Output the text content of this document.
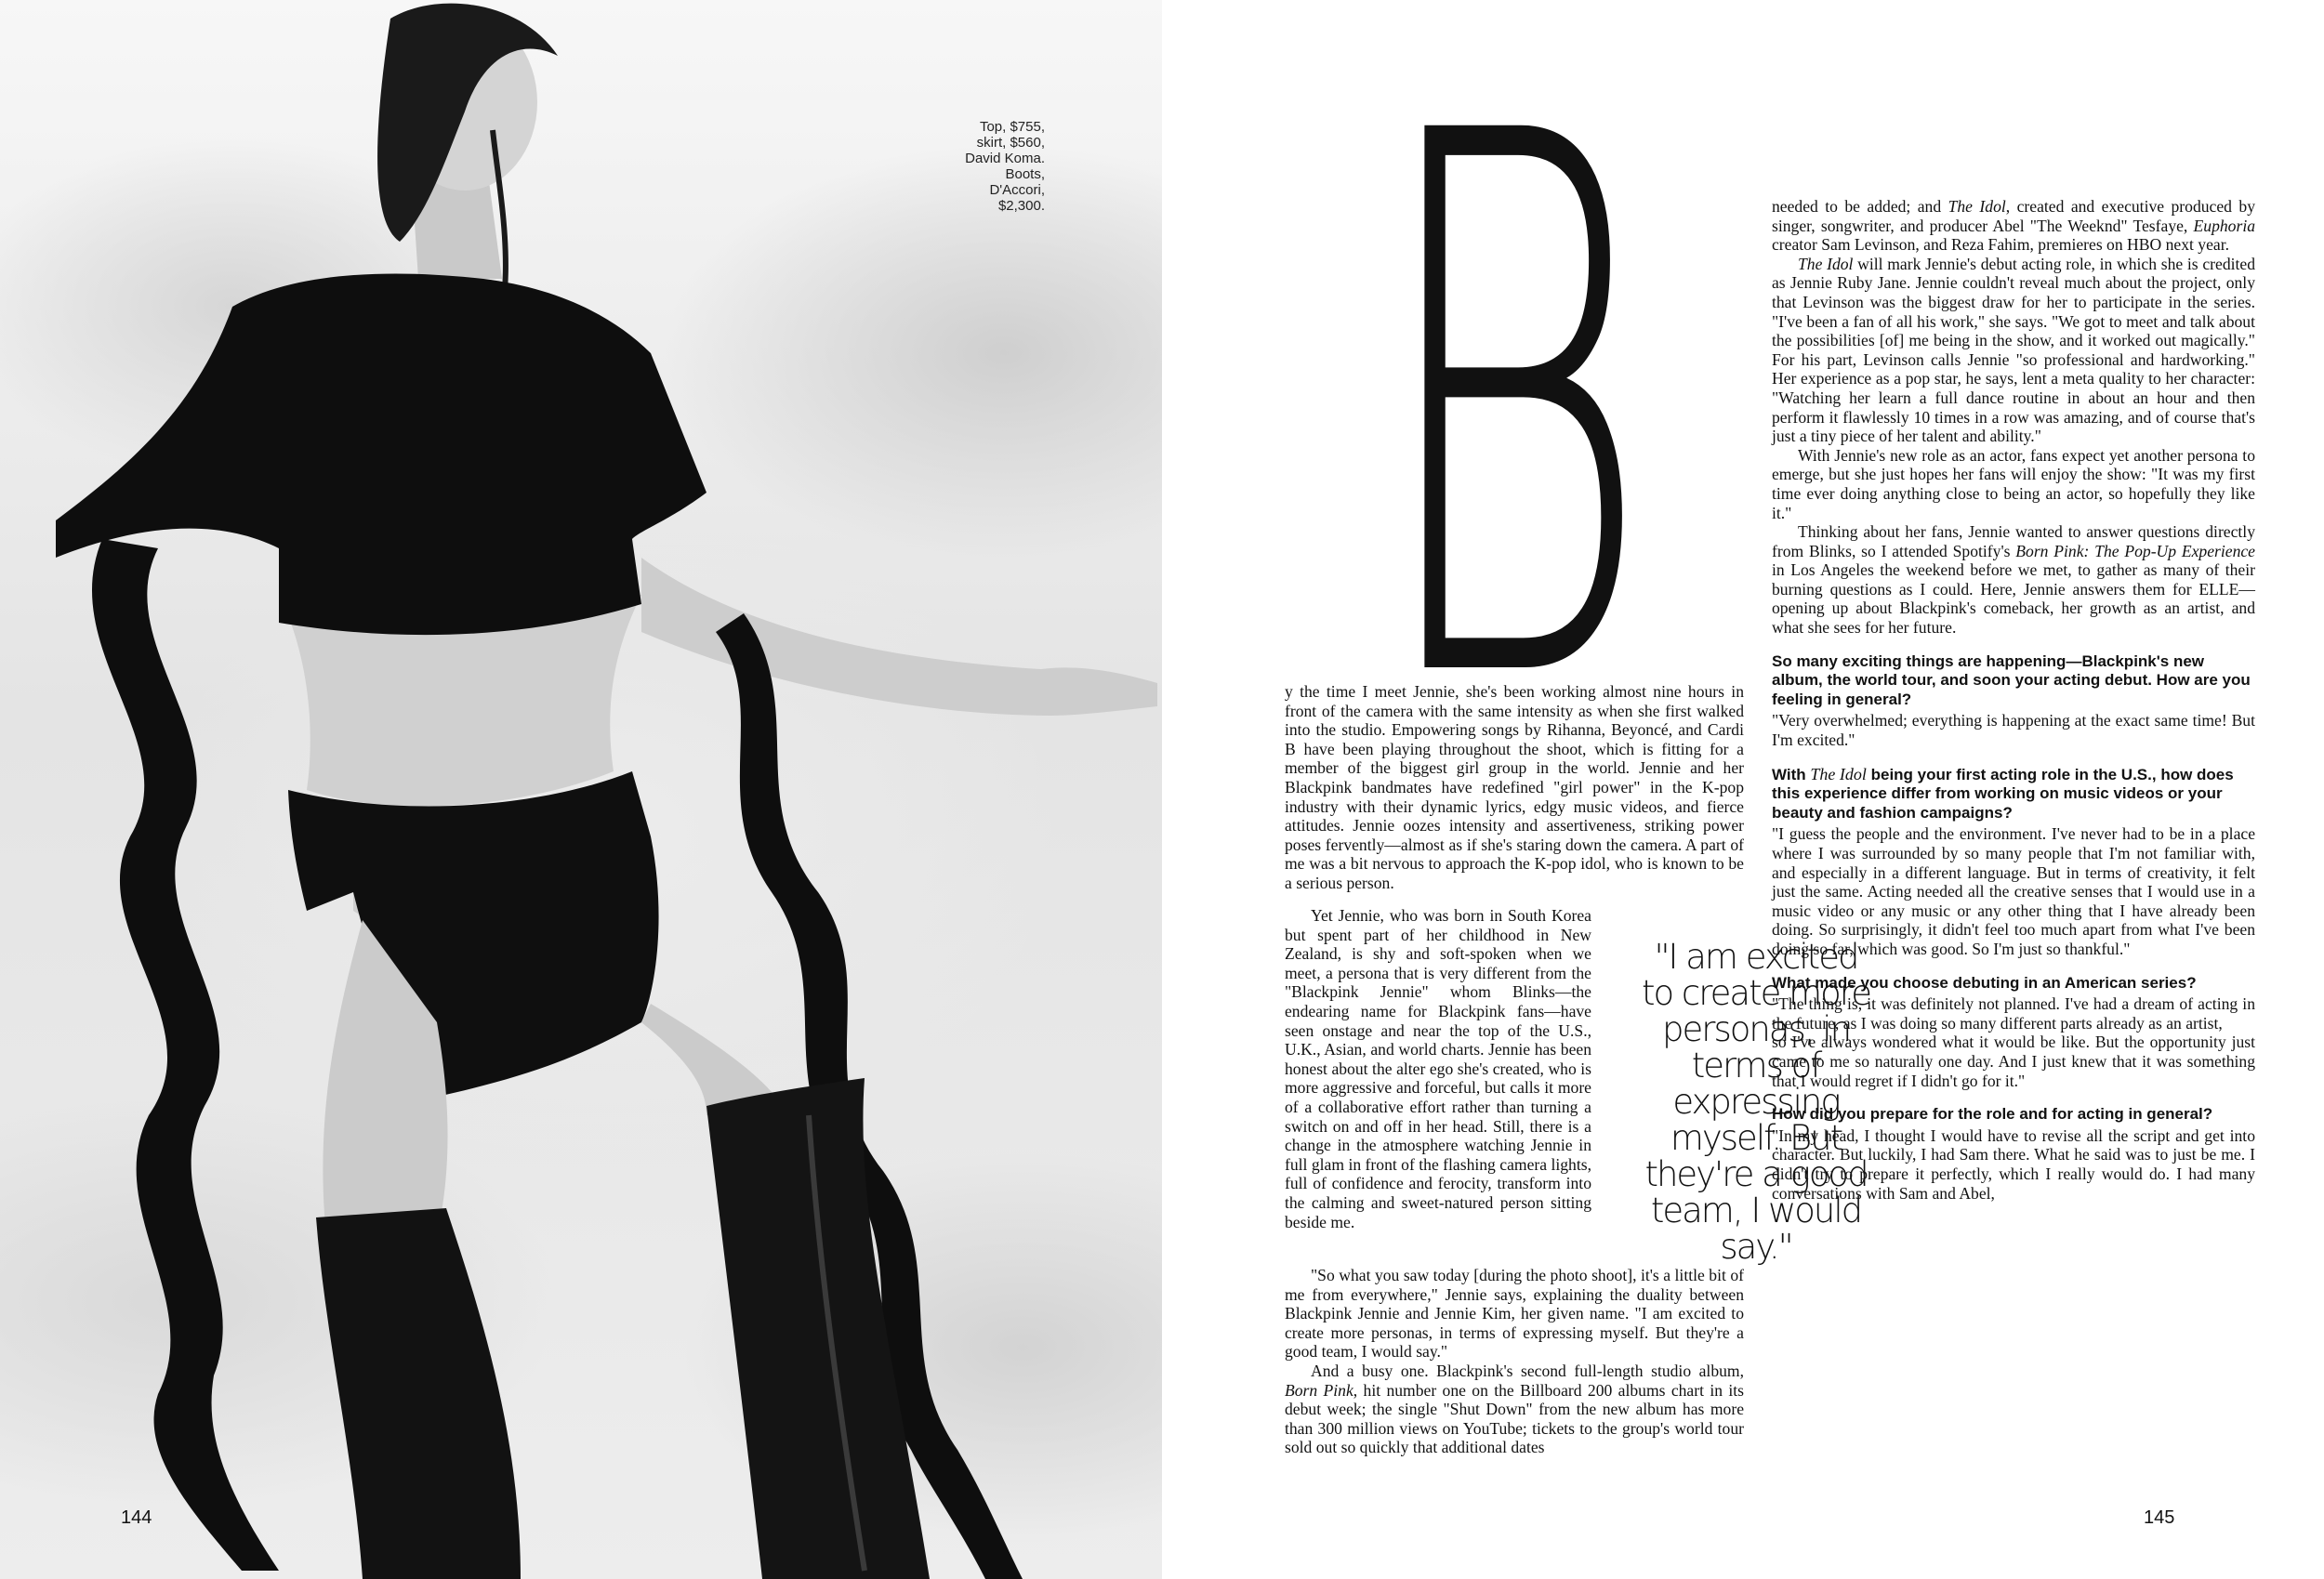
Top, $755,
skirt, $560,
David Koma.
Boots,
D'Accori,
$2,300.
144
B

y the time I meet Jennie, she's been working almost nine hours in front of the camera with the same intensity as when she first walked into the studio. Empowering songs by Rihanna, Beyoncé, and Cardi B have been playing throughout the shoot, which is fitting for a member of the biggest girl group in the world. Jennie and her Blackpink bandmates have redefined "girl power" in the K-pop industry with their dynamic lyrics, edgy music videos, and fierce attitudes. Jennie oozes intensity and assertiveness, striking power poses fervently—almost as if she's staring down the camera. A part of me was a bit nervous to approach the K-pop idol, who is known to be a serious person.

Yet Jennie, who was born in South Korea but spent part of her childhood in New Zealand, is shy and soft-spoken when we meet, a persona that is very different from the "Blackpink Jennie" whom Blinks—the endearing name for Blackpink fans—have seen onstage and near the top of the U.S., U.K., Asian, and world charts. Jennie has been honest about the alter ego she's created, who is more aggressive and forceful, but calls it more of a collaborative effort rather than turning a switch on and off in her head. Still, there is a change in the atmosphere watching Jennie in full glam in front of the flashing camera lights, full of confidence and ferocity, transform into the calming and sweet-natured person sitting beside me.

"I am excited to create more personas, in terms of expressing myself. But they're a good team, I would say."

"So what you saw today [during the photo shoot], it's a little bit of me from everywhere," Jennie says, explaining the duality between Blackpink Jennie and Jennie Kim, her given name. "I am excited to create more personas, in terms of expressing myself. But they're a good team, I would say."

And a busy one. Blackpink's second full-length studio album, Born Pink, hit number one on the Billboard 200 albums chart in its debut week; the single "Shut Down" from the new album has more than 300 million views on YouTube; tickets to the group's world tour sold out so quickly that additional dates

needed to be added; and The Idol, created and executive produced by singer, songwriter, and producer Abel "The Weeknd" Tesfaye, Euphoria creator Sam Levinson, and Reza Fahim, premieres on HBO next year.

The Idol will mark Jennie's debut acting role, in which she is credited as Jennie Ruby Jane. Jennie couldn't reveal much about the project, only that Levinson was the biggest draw for her to participate in the series. "I've been a fan of all his work," she says. "We got to meet and talk about the possibilities [of] me being in the show, and it worked out magically." For his part, Levinson calls Jennie "so professional and hardworking." Her experience as a pop star, he says, lent a meta quality to her character: "Watching her learn a full dance routine in about an hour and then perform it flawlessly 10 times in a row was amazing, and of course that's just a tiny piece of her talent and ability."

With Jennie's new role as an actor, fans expect yet another persona to emerge, but she just hopes her fans will enjoy the show: "It was my first time ever doing anything close to being an actor, so hopefully they like it."

Thinking about her fans, Jennie wanted to answer questions directly from Blinks, so I attended Spotify's Born Pink: The Pop-Up Experience in Los Angeles the weekend before we met, to gather as many of their burning questions as I could. Here, Jennie answers them for ELLE—opening up about Blackpink's comeback, her growth as an artist, and what she sees for her future.

So many exciting things are happening—Blackpink's new album, the world tour, and soon your acting debut. How are you feeling in general?

"Very overwhelmed; everything is happening at the exact same time! But I'm excited."

With The Idol being your first acting role in the U.S., how does this experience differ from working on music videos or your beauty and fashion campaigns?

"I guess the people and the environment. I've never had to be in a place where I was surrounded by so many people that I'm not familiar with, and especially in a different language. But in terms of creativity, it felt just the same. Acting needed all the creative senses that I would use in a music video or any music or any other thing that I have already been doing. So surprisingly, it didn't feel too much apart from what I've been doing so far, which was good. So I'm just so thankful."

What made you choose debuting in an American series?

"The thing is, it was definitely not planned. I've had a dream of acting in the future, as I was doing so many different parts already as an artist,

so I've always wondered what it would be like. But the opportunity just came to me so naturally one day. And I just knew that it was something that I would regret if I didn't go for it."

How did you prepare for the role and for acting in general?

"In my head, I thought I would have to revise all the script and get into character. But luckily, I had Sam there. What he said was to just be me. I didn't try to prepare it perfectly, which I really would do. I had many conversations with Sam and Abel,

145
